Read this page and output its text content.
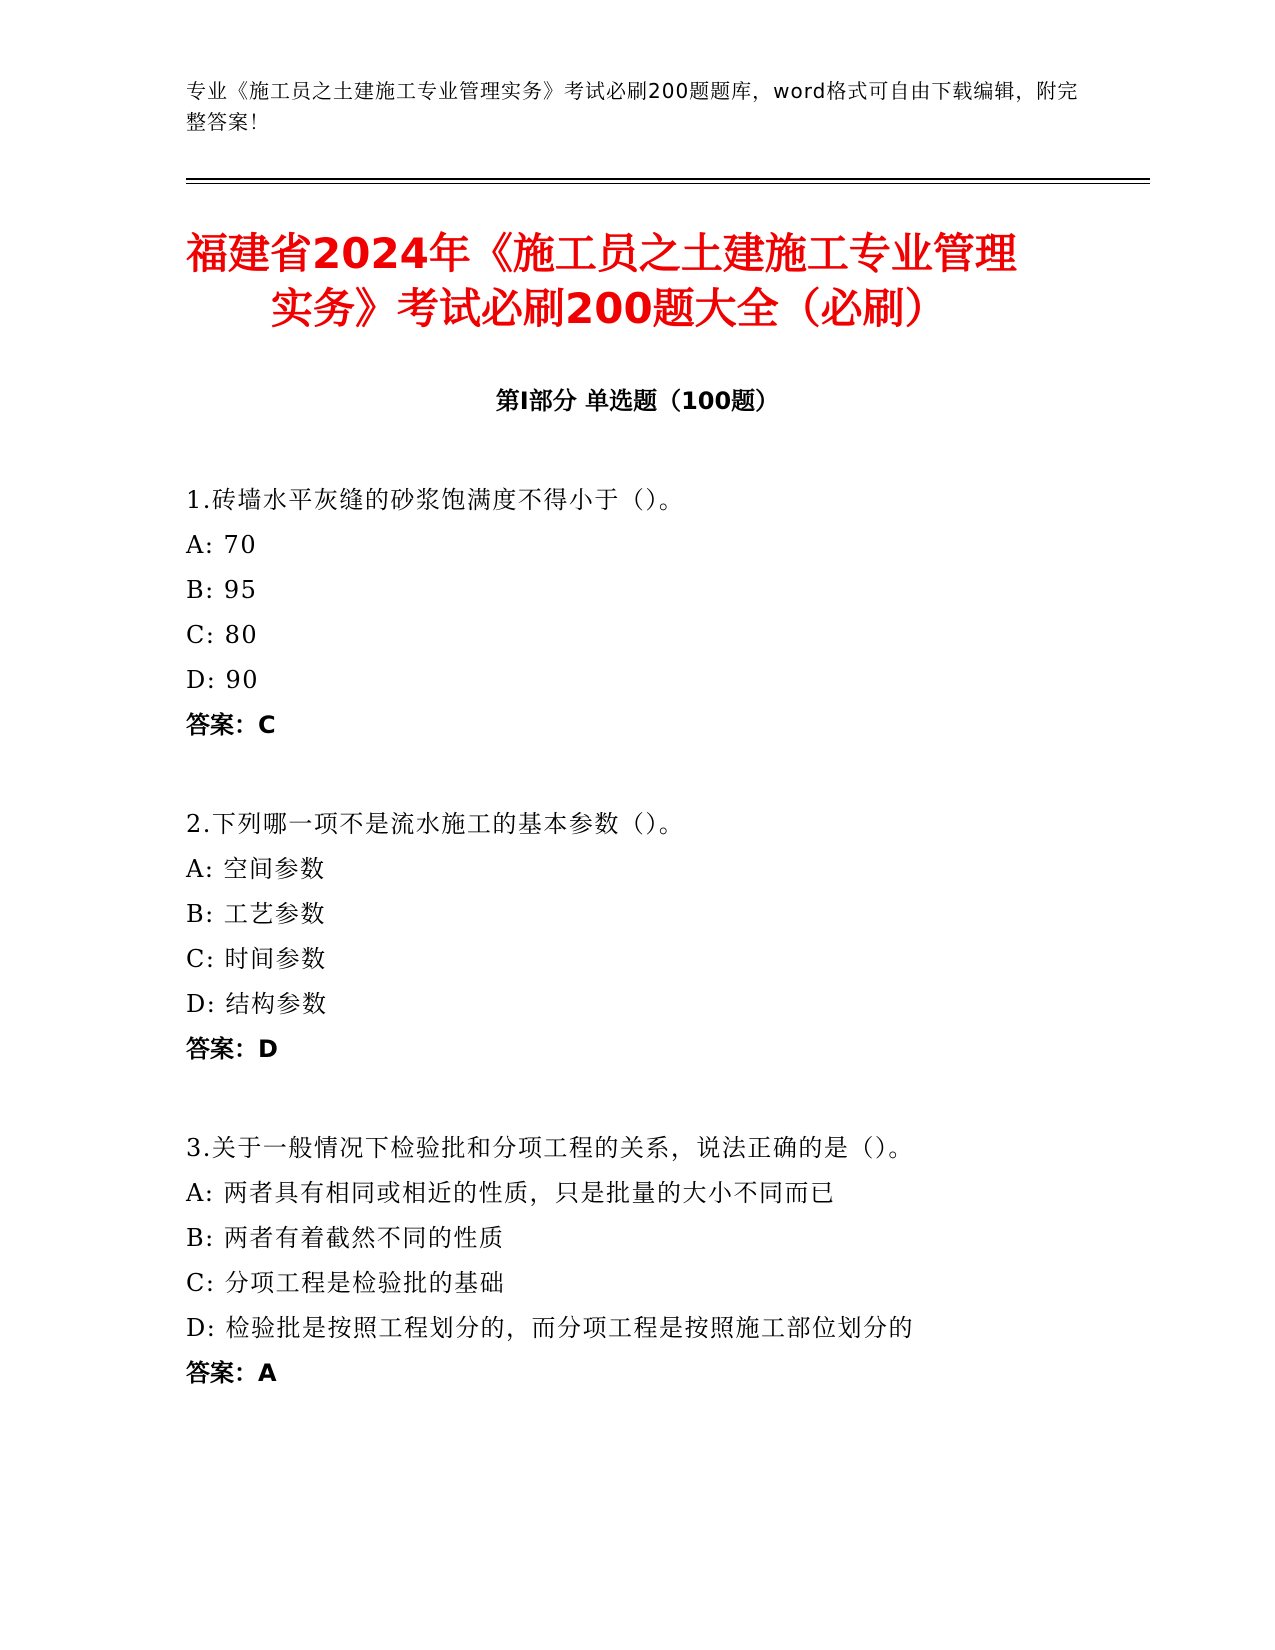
专业《施工员之土建施工专业管理实务》考试必刷200题题库，word格式可自由下载编辑，附完整答案！
福建省2024年《施工员之土建施工专业管理
实务》考试必刷200题大全（必刷）
第I部分 单选题（100题）
1.砖墙水平灰缝的砂浆饱满度不得小于（）。
A: 70
B: 95
C: 80
D: 90
答案：C
2.下列哪一项不是流水施工的基本参数（）。
A: 空间参数
B: 工艺参数
C: 时间参数
D: 结构参数
答案：D
3.关于一般情况下检验批和分项工程的关系，说法正确的是（）。
A: 两者具有相同或相近的性质，只是批量的大小不同而已
B: 两者有着截然不同的性质
C: 分项工程是检验批的基础
D: 检验批是按照工程划分的，而分项工程是按照施工部位划分的
答案：A
